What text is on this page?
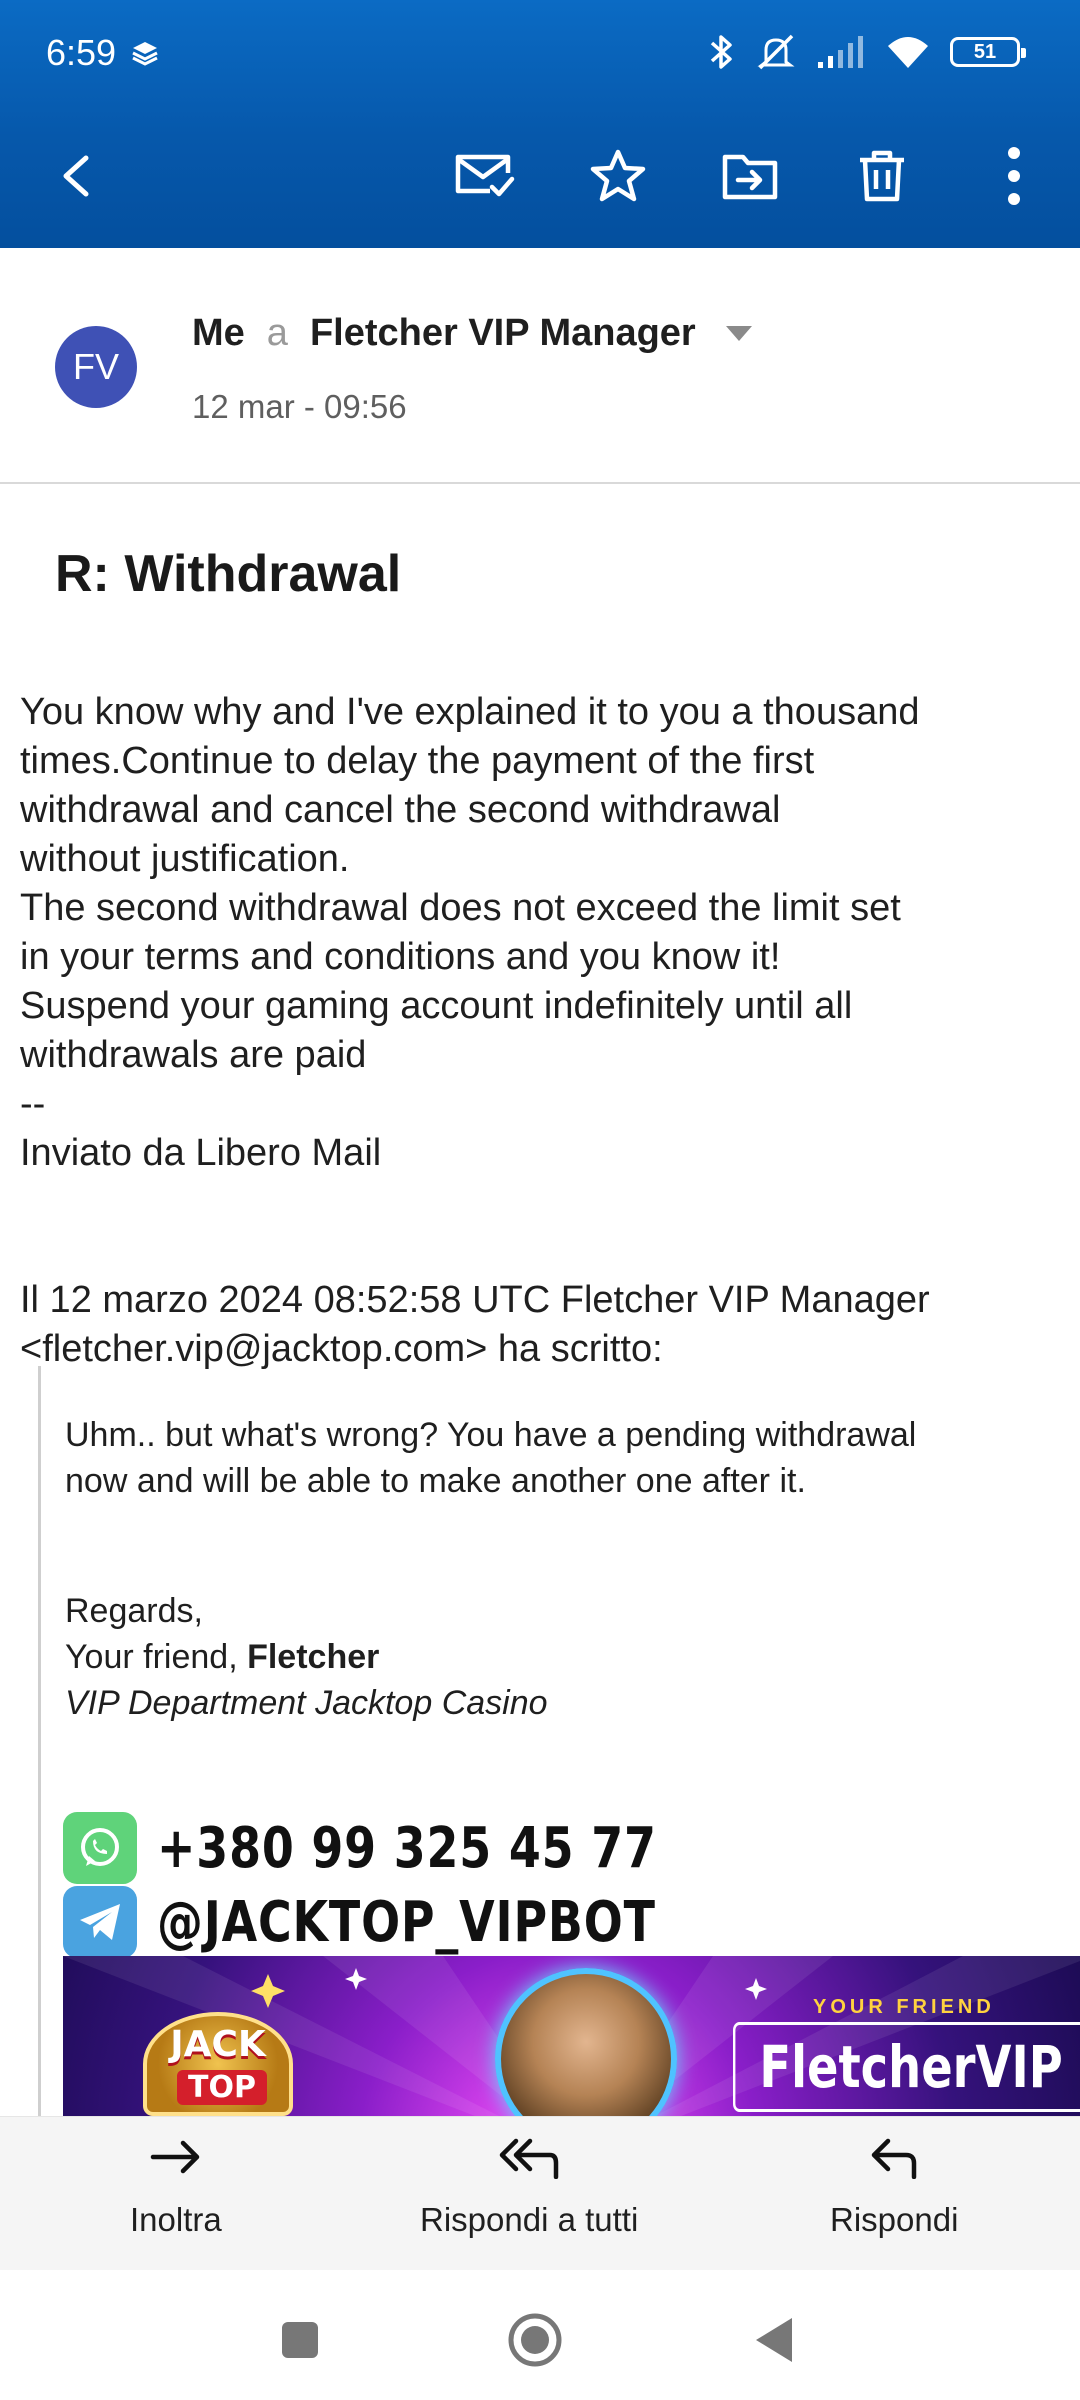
6:59	51
FV
Me a Fletcher VIP Manager
12 mar - 09:56
R: Withdrawal

You know why and I've explained it to you a thousand

times.Continue to delay the payment of the first

withdrawal and cancel the second withdrawal

without justification.

The second withdrawal does not exceed the limit set

in your terms and conditions and you know it!

Suspend your gaming account indefinitely until all

withdrawals are paid

--

Inviato da Libero Mail

Il 12 marzo 2024 08:52:58 UTC Fletcher VIP Manager

<fletcher.vip@jacktop.com> ha scritto:

Uhm.. but what's wrong? You have a pending withdrawal
now and will be able to make another one after it.
Regards,
Your friend, Fletcher
VIP Department Jacktop Casino
+380 99 325 45 77
@JACKTOP_VIPBOT
JACK
TOP
YOUR FRIEND
FletcherVIP
Inoltra	Rispondi a tutti	Rispondi
